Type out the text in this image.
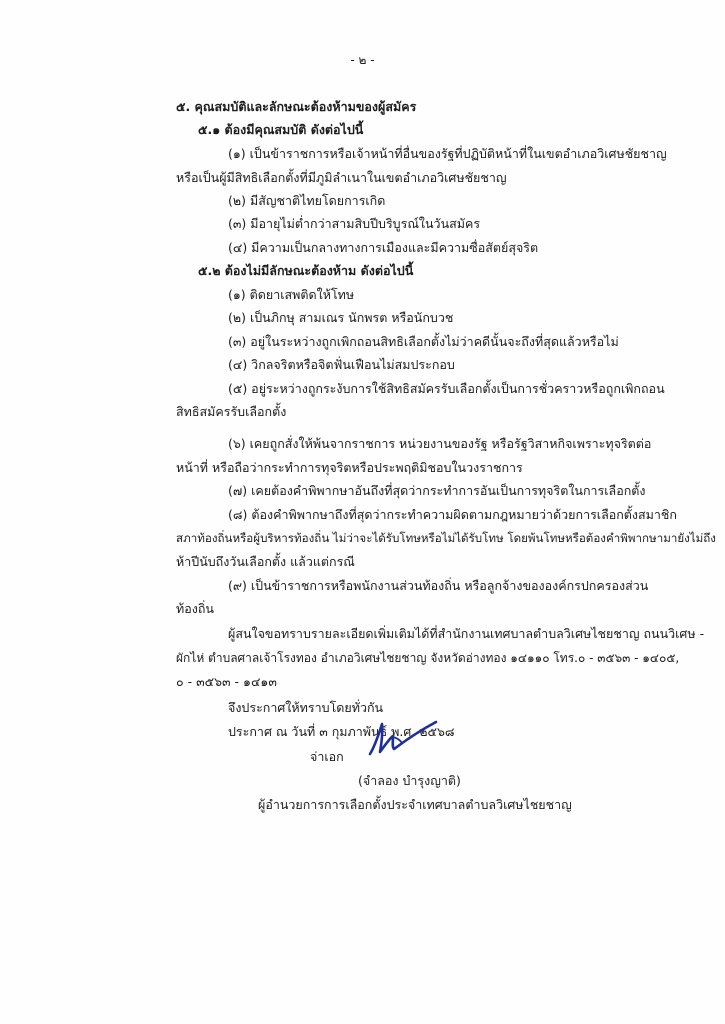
- ๒ -
๕. คุณสมบัติและลักษณะต้องห้ามของผู้สมัคร
๕.๑ ต้องมีคุณสมบัติ ดังต่อไปนี้
(๑) เป็นข้าราชการหรือเจ้าหน้าที่อื่นของรัฐที่ปฏิบัติหน้าที่ในเขตอำเภอวิเศษชัยชาญ
หรือเป็นผู้มีสิทธิเลือกตั้งที่มีภูมิลำเนาในเขตอำเภอวิเศษชัยชาญ
(๒) มีสัญชาติไทยโดยการเกิด
(๓) มีอายุไม่ต่ำกว่าสามสิบปีบริบูรณ์ในวันสมัคร
(๔) มีความเป็นกลางทางการเมืองและมีความซื่อสัตย์สุจริต
๕.๒ ต้องไม่มีลักษณะต้องห้าม ดังต่อไปนี้
(๑) ติดยาเสพติดให้โทษ
(๒) เป็นภิกษุ สามเณร นักพรต หรือนักบวช
(๓) อยู่ในระหว่างถูกเพิกถอนสิทธิเลือกตั้งไม่ว่าคดีนั้นจะถึงที่สุดแล้วหรือไม่
(๔) วิกลจริตหรือจิตฟั่นเฟือนไม่สมประกอบ
(๕) อยู่ระหว่างถูกระงับการใช้สิทธิสมัครรับเลือกตั้งเป็นการชั่วคราวหรือถูกเพิกถอน
สิทธิสมัครรับเลือกตั้ง
(๖) เคยถูกสั่งให้พ้นจากราชการ หน่วยงานของรัฐ หรือรัฐวิสาหกิจเพราะทุจริตต่อ
หน้าที่ หรือถือว่ากระทำการทุจริตหรือประพฤติมิชอบในวงราชการ
(๗) เคยต้องคำพิพากษาอันถึงที่สุดว่ากระทำการอันเป็นการทุจริตในการเลือกตั้ง
(๘) ต้องคำพิพากษาถึงที่สุดว่ากระทำความผิดตามกฎหมายว่าด้วยการเลือกตั้งสมาชิก
สภาท้องถิ่นหรือผู้บริหารท้องถิ่น ไม่ว่าจะได้รับโทษหรือไม่ได้รับโทษ โดยพ้นโทษหรือต้องคำพิพากษามายังไม่ถึง
ห้าปีนับถึงวันเลือกตั้ง แล้วแต่กรณี
(๙) เป็นข้าราชการหรือพนักงานส่วนท้องถิ่น หรือลูกจ้างขององค์กรปกครองส่วน
ท้องถิ่น
ผู้สนใจขอทราบรายละเอียดเพิ่มเติมได้ที่สำนักงานเทศบาลตำบลวิเศษไชยชาญ ถนนวิเศษ -
ผักไห่ ตำบลศาลเจ้าโรงทอง อำเภอวิเศษไชยชาญ จังหวัดอ่างทอง ๑๔๑๑๐ โทร.๐ - ๓๕๖๓ - ๑๔๐๕,
๐ - ๓๕๖๓ - ๑๔๑๓
จึงประกาศให้ทราบโดยทั่วกัน
ประกาศ ณ วันที่ ๓ กุมภาพันธ์ พ.ศ. ๒๕๖๘
จ่าเอก
(จำลอง บำรุงญาติ)
ผู้อำนวยการการเลือกตั้งประจำเทศบาลตำบลวิเศษไชยชาญ
